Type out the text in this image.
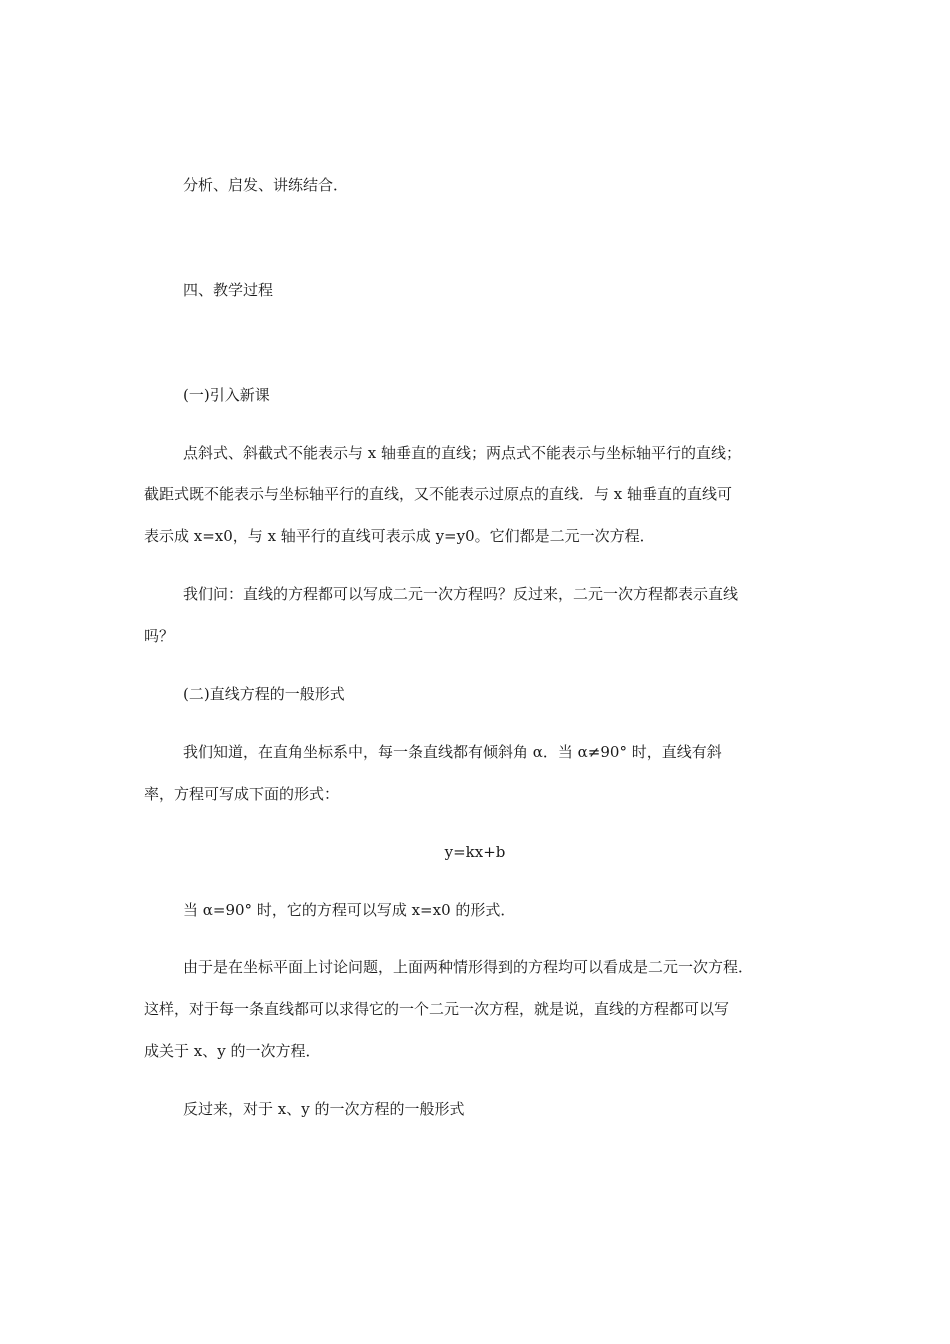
分析、启发、讲练结合．
四、教学过程
(一)引入新课
点斜式、斜截式不能表示与 x 轴垂直的直线；两点式不能表示与坐标轴平行的直线；
截距式既不能表示与坐标轴平行的直线，又不能表示过原点的直线．与 x 轴垂直的直线可
表示成 x=x0，与 x 轴平行的直线可表示成 y=y0。它们都是二元一次方程．
我们问：直线的方程都可以写成二元一次方程吗？反过来，二元一次方程都表示直线
吗？
(二)直线方程的一般形式
我们知道，在直角坐标系中，每一条直线都有倾斜角 α．当 α≠90° 时，直线有斜
率，方程可写成下面的形式：
y=kx+b
当 α=90° 时，它的方程可以写成 x=x0 的形式．
由于是在坐标平面上讨论问题，上面两种情形得到的方程均可以看成是二元一次方程．
这样，对于每一条直线都可以求得它的一个二元一次方程，就是说，直线的方程都可以写
成关于 x、y 的一次方程．
反过来，对于 x、y 的一次方程的一般形式
